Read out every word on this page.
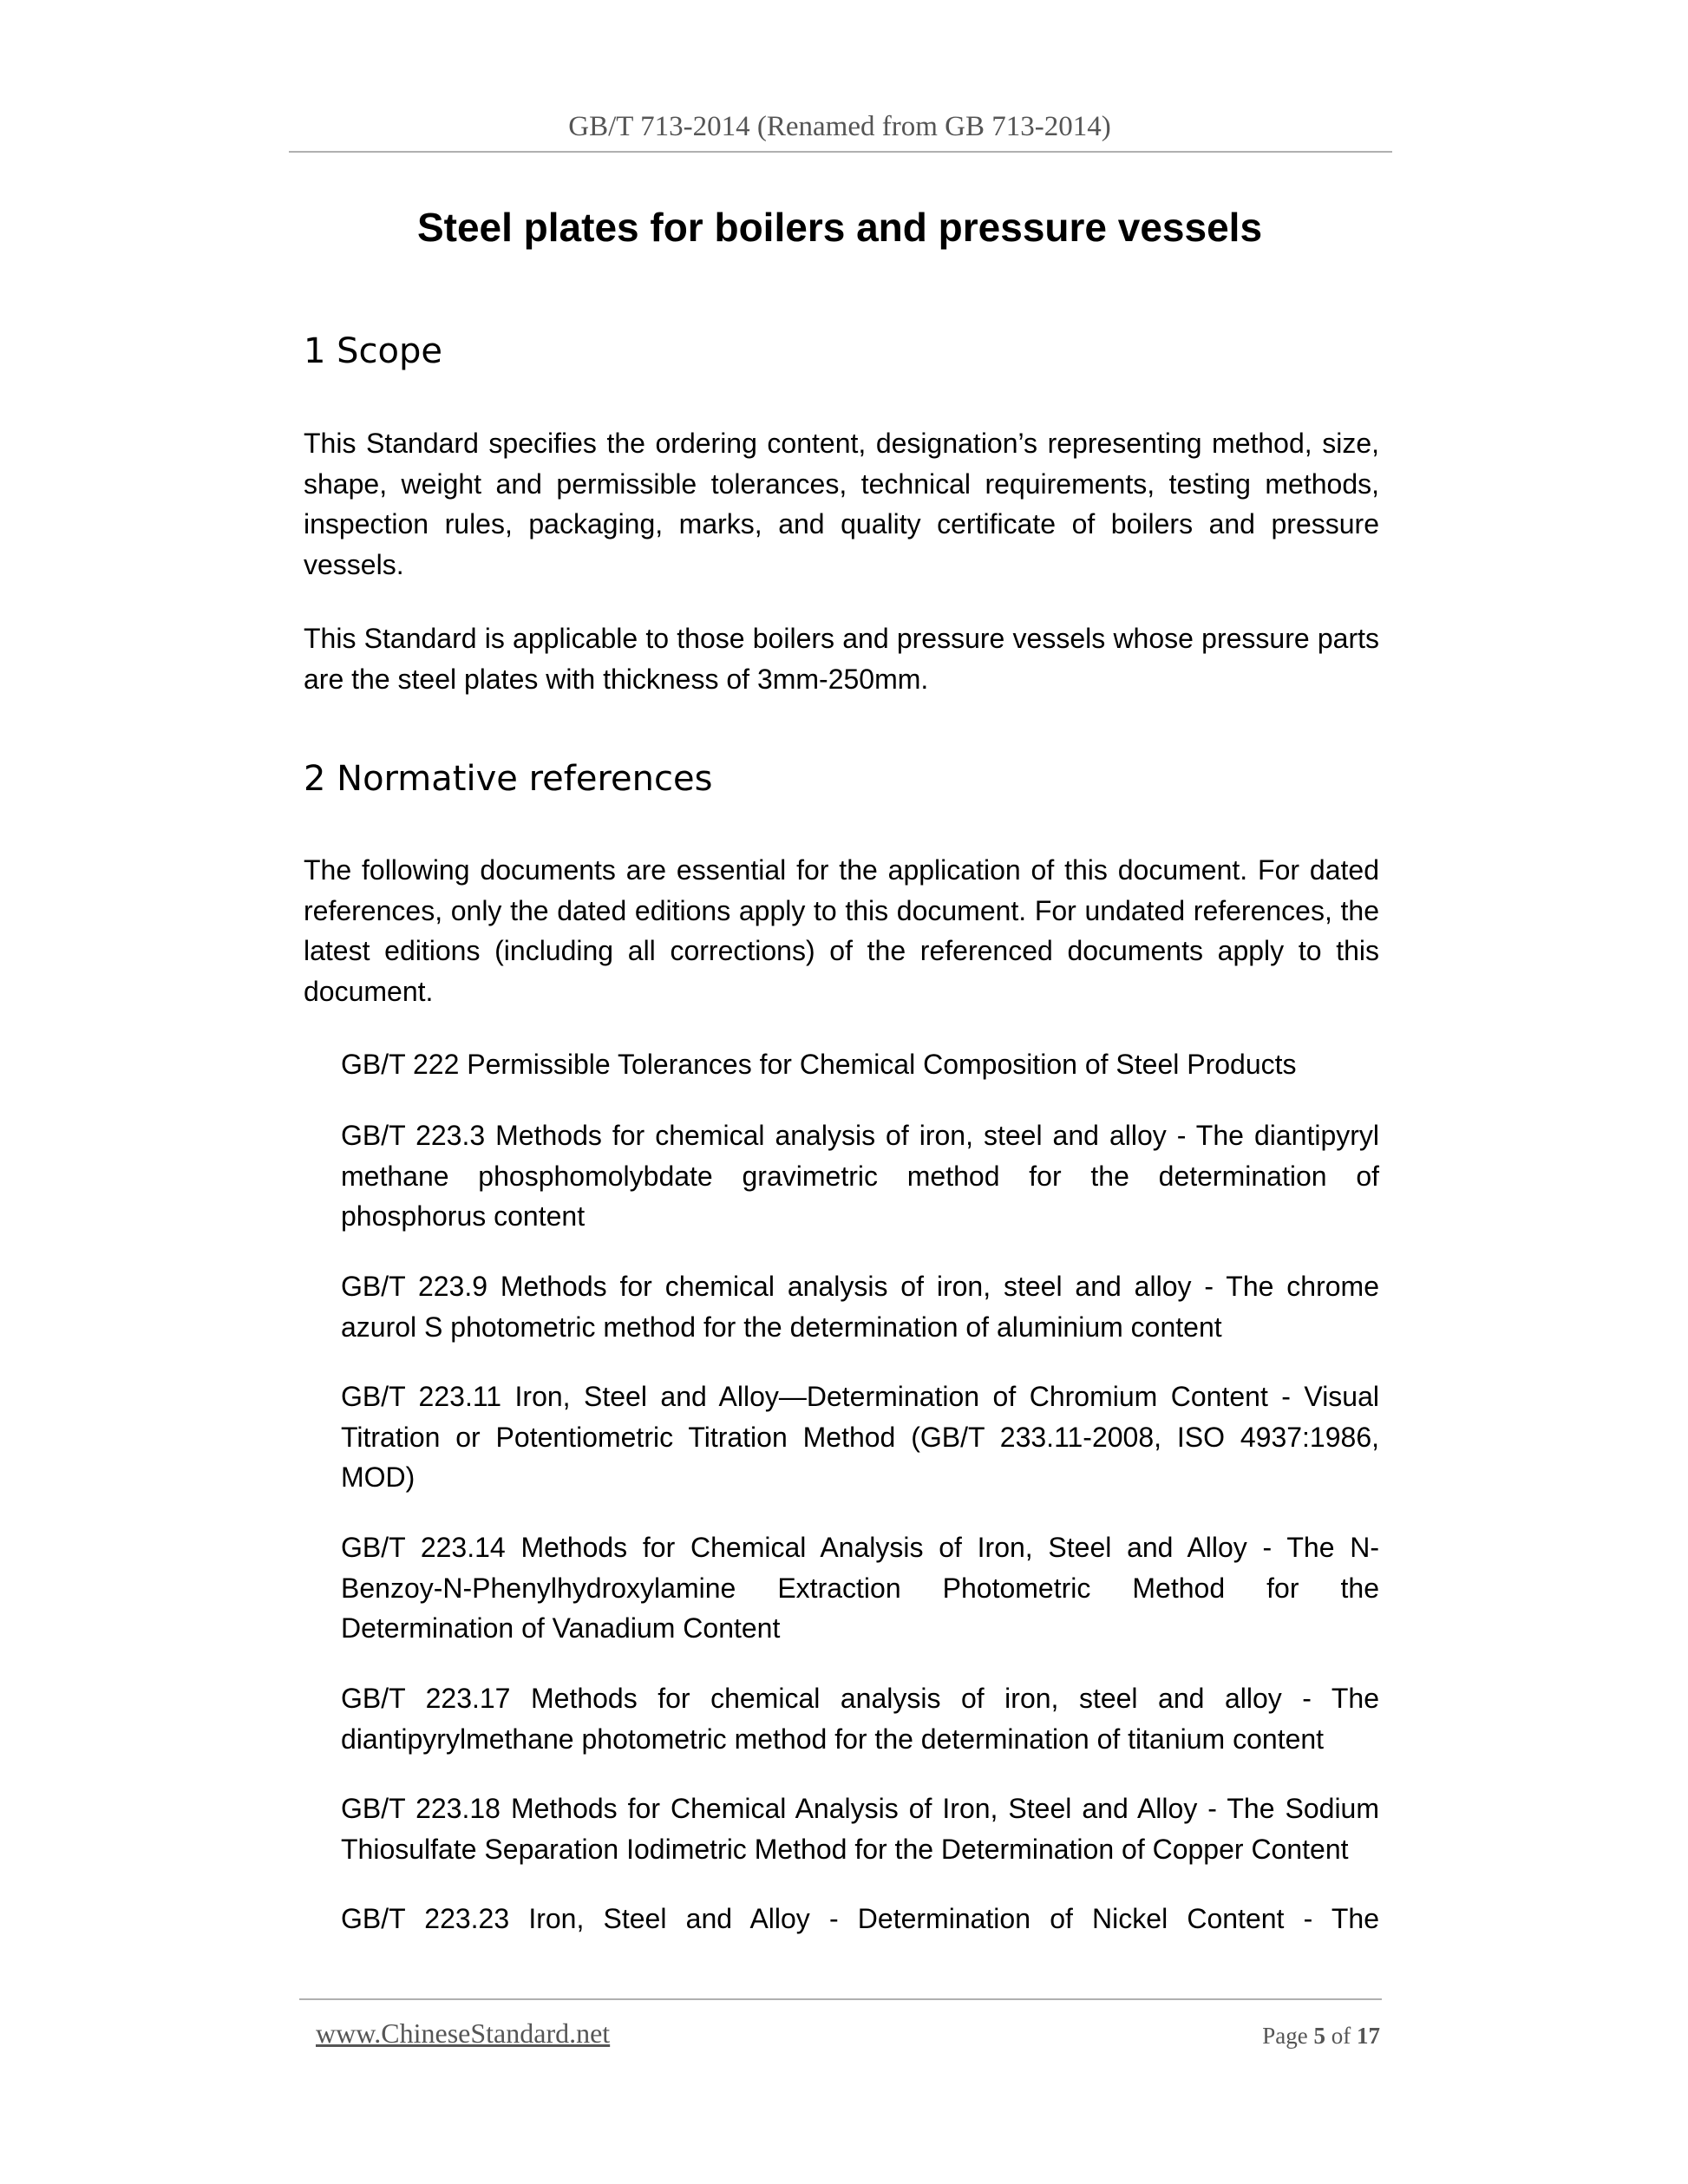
GB/T 713-2014 (Renamed from GB 713-2014)
Steel plates for boilers and pressure vessels
1 Scope

This Standard specifies the ordering content, designation’s representing method, size, shape, weight and permissible tolerances, technical requirements, testing methods, inspection rules, packaging, marks, and quality certificate of boilers and pressure vessels.

This Standard is applicable to those boilers and pressure vessels whose pressure parts are the steel plates with thickness of 3mm-250mm.

2 Normative references

The following documents are essential for the application of this document. For dated references, only the dated editions apply to this document. For undated references, the latest editions (including all corrections) of the referenced documents apply to this document.

GB/T 222 Permissible Tolerances for Chemical Composition of Steel Products

GB/T 223.3 Methods for chemical analysis of iron, steel and alloy - The diantipyryl methane phosphomolybdate gravimetric method for the determination of phosphorus content

GB/T 223.9 Methods for chemical analysis of iron, steel and alloy - The chrome azurol S photometric method for the determination of aluminium content

GB/T 223.11 Iron, Steel and Alloy—Determination of Chromium Content - Visual Titration or Potentiometric Titration Method (GB/T 233.11-2008, ISO 4937:1986, MOD)

GB/T 223.14 Methods for Chemical Analysis of Iron, Steel and Alloy - The N-Benzoy-N-Phenylhydroxylamine Extraction Photometric Method for the Determination of Vanadium Content

GB/T 223.17 Methods for chemical analysis of iron, steel and alloy - The diantipyrylmethane photometric method for the determination of titanium content

GB/T 223.18 Methods for Chemical Analysis of Iron, Steel and Alloy - The Sodium Thiosulfate Separation Iodimetric Method for the Determination of Copper Content

GB/T 223.23 Iron, Steel and Alloy - Determination of Nickel Content - The

www.ChineseStandard.net	Page 5 of 17
